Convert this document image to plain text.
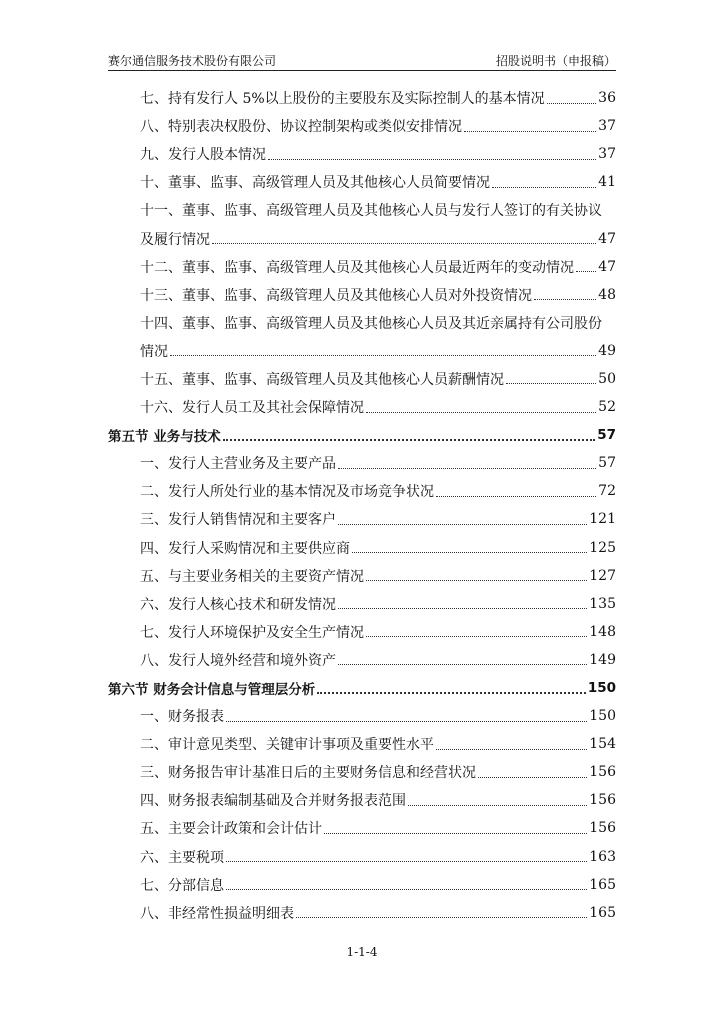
赛尔通信服务技术股份有限公司	招股说明书（申报稿）
七、持有发行人 5%以上股份的主要股东及实际控制人的基本情况	36
八、特别表决权股份、协议控制架构或类似安排情况	37
九、发行人股本情况	37
十、董事、监事、高级管理人员及其他核心人员简要情况	41
十一、董事、监事、高级管理人员及其他核心人员与发行人签订的有关协议
及履行情况	47
十二、董事、监事、高级管理人员及其他核心人员最近两年的变动情况 47
十三、董事、监事、高级管理人员及其他核心人员对外投资情况	48
十四、董事、监事、高级管理人员及其他核心人员及其近亲属持有公司股份
情况	49
十五、董事、监事、高级管理人员及其他核心人员薪酬情况	50
十六、发行人员工及其社会保障情况	52
第五节 业务与技术	57
一、发行人主营业务及主要产品	57
二、发行人所处行业的基本情况及市场竞争状况	72
三、发行人销售情况和主要客户	121
四、发行人采购情况和主要供应商	125
五、与主要业务相关的主要资产情况	127
六、发行人核心技术和研发情况	135
七、发行人环境保护及安全生产情况	148
八、发行人境外经营和境外资产	149
第六节 财务会计信息与管理层分析	150
一、财务报表	150
二、审计意见类型、关键审计事项及重要性水平	154
三、财务报告审计基准日后的主要财务信息和经营状况	156
四、财务报表编制基础及合并财务报表范围	156
五、主要会计政策和会计估计	156
六、主要税项	163
七、分部信息	165
八、非经常性损益明细表	165
1-1-4
